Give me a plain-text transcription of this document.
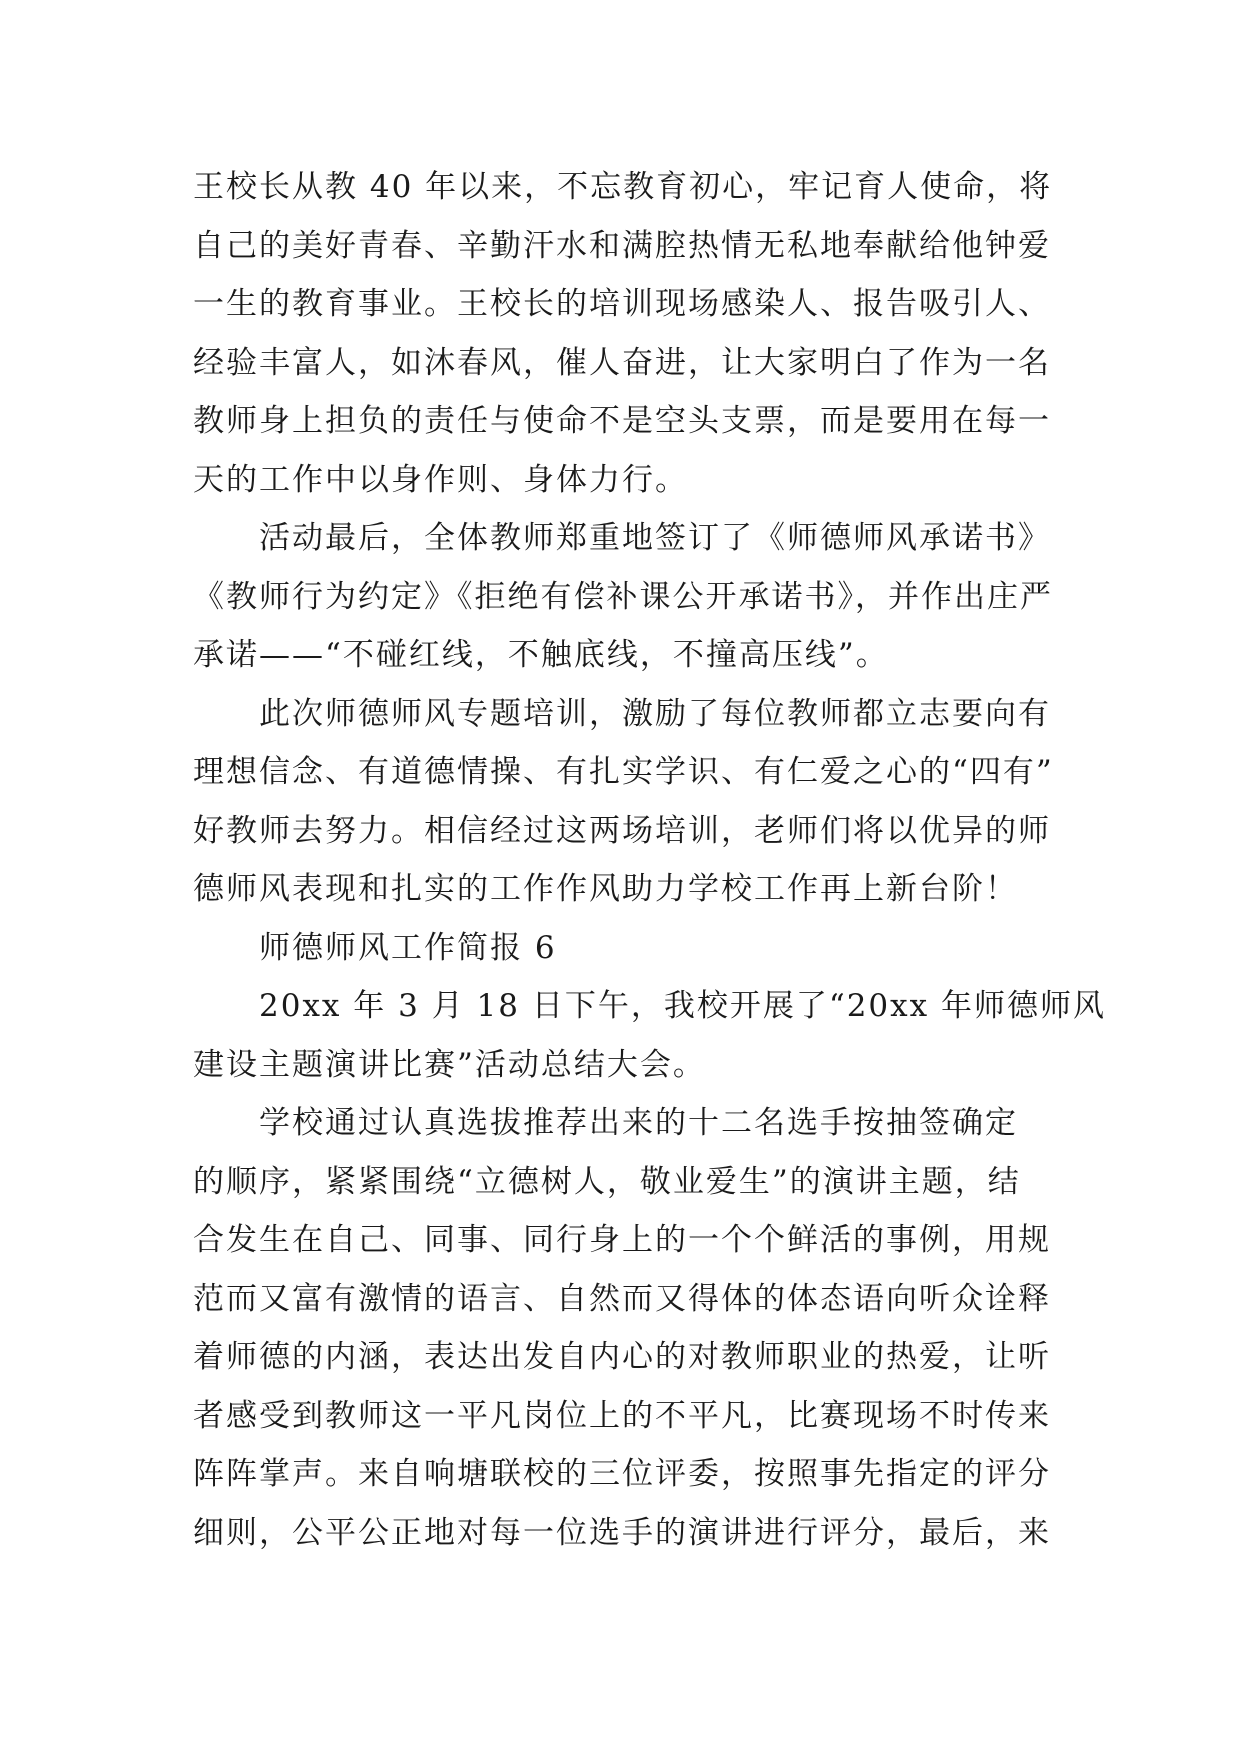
王校长从教 40 年以来，不忘教育初心，牢记育人使命，将
自己的美好青春、辛勤汗水和满腔热情无私地奉献给他钟爱
一生的教育事业。王校长的培训现场感染人、报告吸引人、
经验丰富人，如沐春风，催人奋进，让大家明白了作为一名
教师身上担负的责任与使命不是空头支票，而是要用在每一
天的工作中以身作则、身体力行。
　　活动最后，全体教师郑重地签订了《师德师风承诺书》
《教师行为约定》《拒绝有偿补课公开承诺书》，并作出庄严
承诺——“不碰红线，不触底线，不撞高压线”。
　　此次师德师风专题培训，激励了每位教师都立志要向有
理想信念、有道德情操、有扎实学识、有仁爱之心的“四有”
好教师去努力。相信经过这两场培训，老师们将以优异的师
德师风表现和扎实的工作作风助力学校工作再上新台阶！
　　师德师风工作简报 6
　　20xx 年 3 月 18 日下午，我校开展了“20xx 年师德师风
建设主题演讲比赛”活动总结大会。
　　学校通过认真选拔推荐出来的十二名选手按抽签确定
的顺序，紧紧围绕“立德树人，敬业爱生”的演讲主题，结
合发生在自己、同事、同行身上的一个个鲜活的事例，用规
范而又富有激情的语言、自然而又得体的体态语向听众诠释
着师德的内涵，表达出发自内心的对教师职业的热爱，让听
者感受到教师这一平凡岗位上的不平凡，比赛现场不时传来
阵阵掌声。来自响塘联校的三位评委，按照事先指定的评分
细则，公平公正地对每一位选手的演讲进行评分，最后，来
